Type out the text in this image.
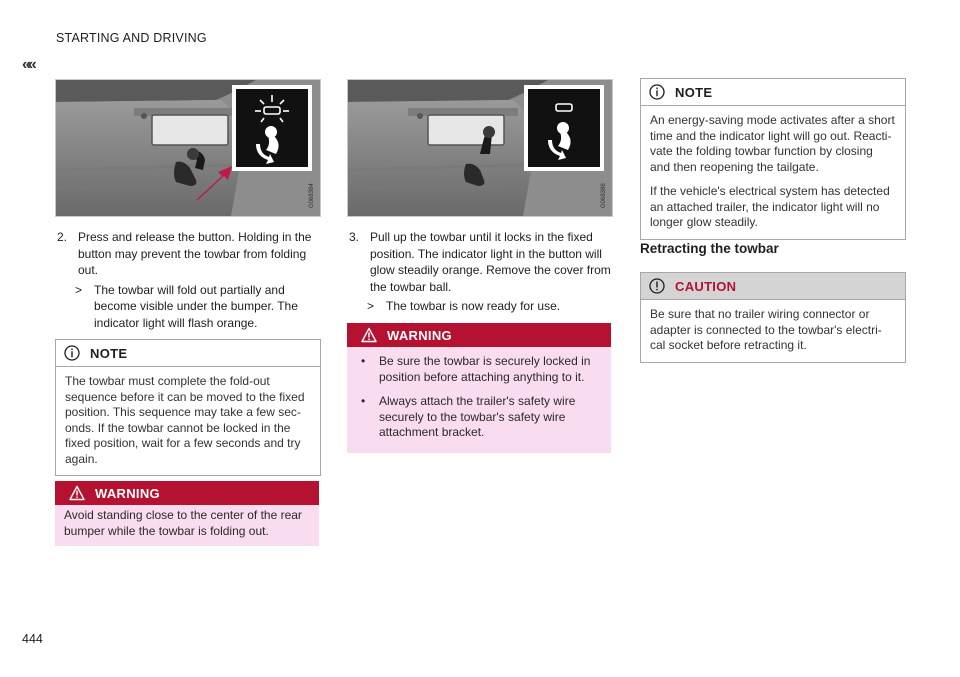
STARTING AND DRIVING
««
G068384	G068386
2. Press and release the button. Holding in the button may prevent the towbar from folding out.
> The towbar will fold out partially and become visible under the bumper. The indicator light will flash orange.
NOTE
The towbar must complete the fold-out sequence before it can be moved to the fixed position. This sequence may take a few sec-onds. If the towbar cannot be locked in the fixed position, wait for a few seconds and try again.
WARNING
Avoid standing close to the center of the rear bumper while the towbar is folding out.
3. Pull up the towbar until it locks in the fixed position. The indicator light in the button will glow steadily orange. Remove the cover from the towbar ball.
> The towbar is now ready for use.
WARNING
• Be sure the towbar is securely locked in position before attaching anything to it.
• Always attach the trailer's safety wire securely to the towbar's safety wire attachment bracket.
NOTE

An energy-saving mode activates after a short time and the indicator light will go out. Reacti-vate the folding towbar function by closing and then reopening the tailgate.

If the vehicle's electrical system has detected an attached trailer, the indicator light will no longer glow steadily.

Retracting the towbar
CAUTION
Be sure that no trailer wiring connector or adapter is connected to the towbar's electri-cal socket before retracting it.
444
